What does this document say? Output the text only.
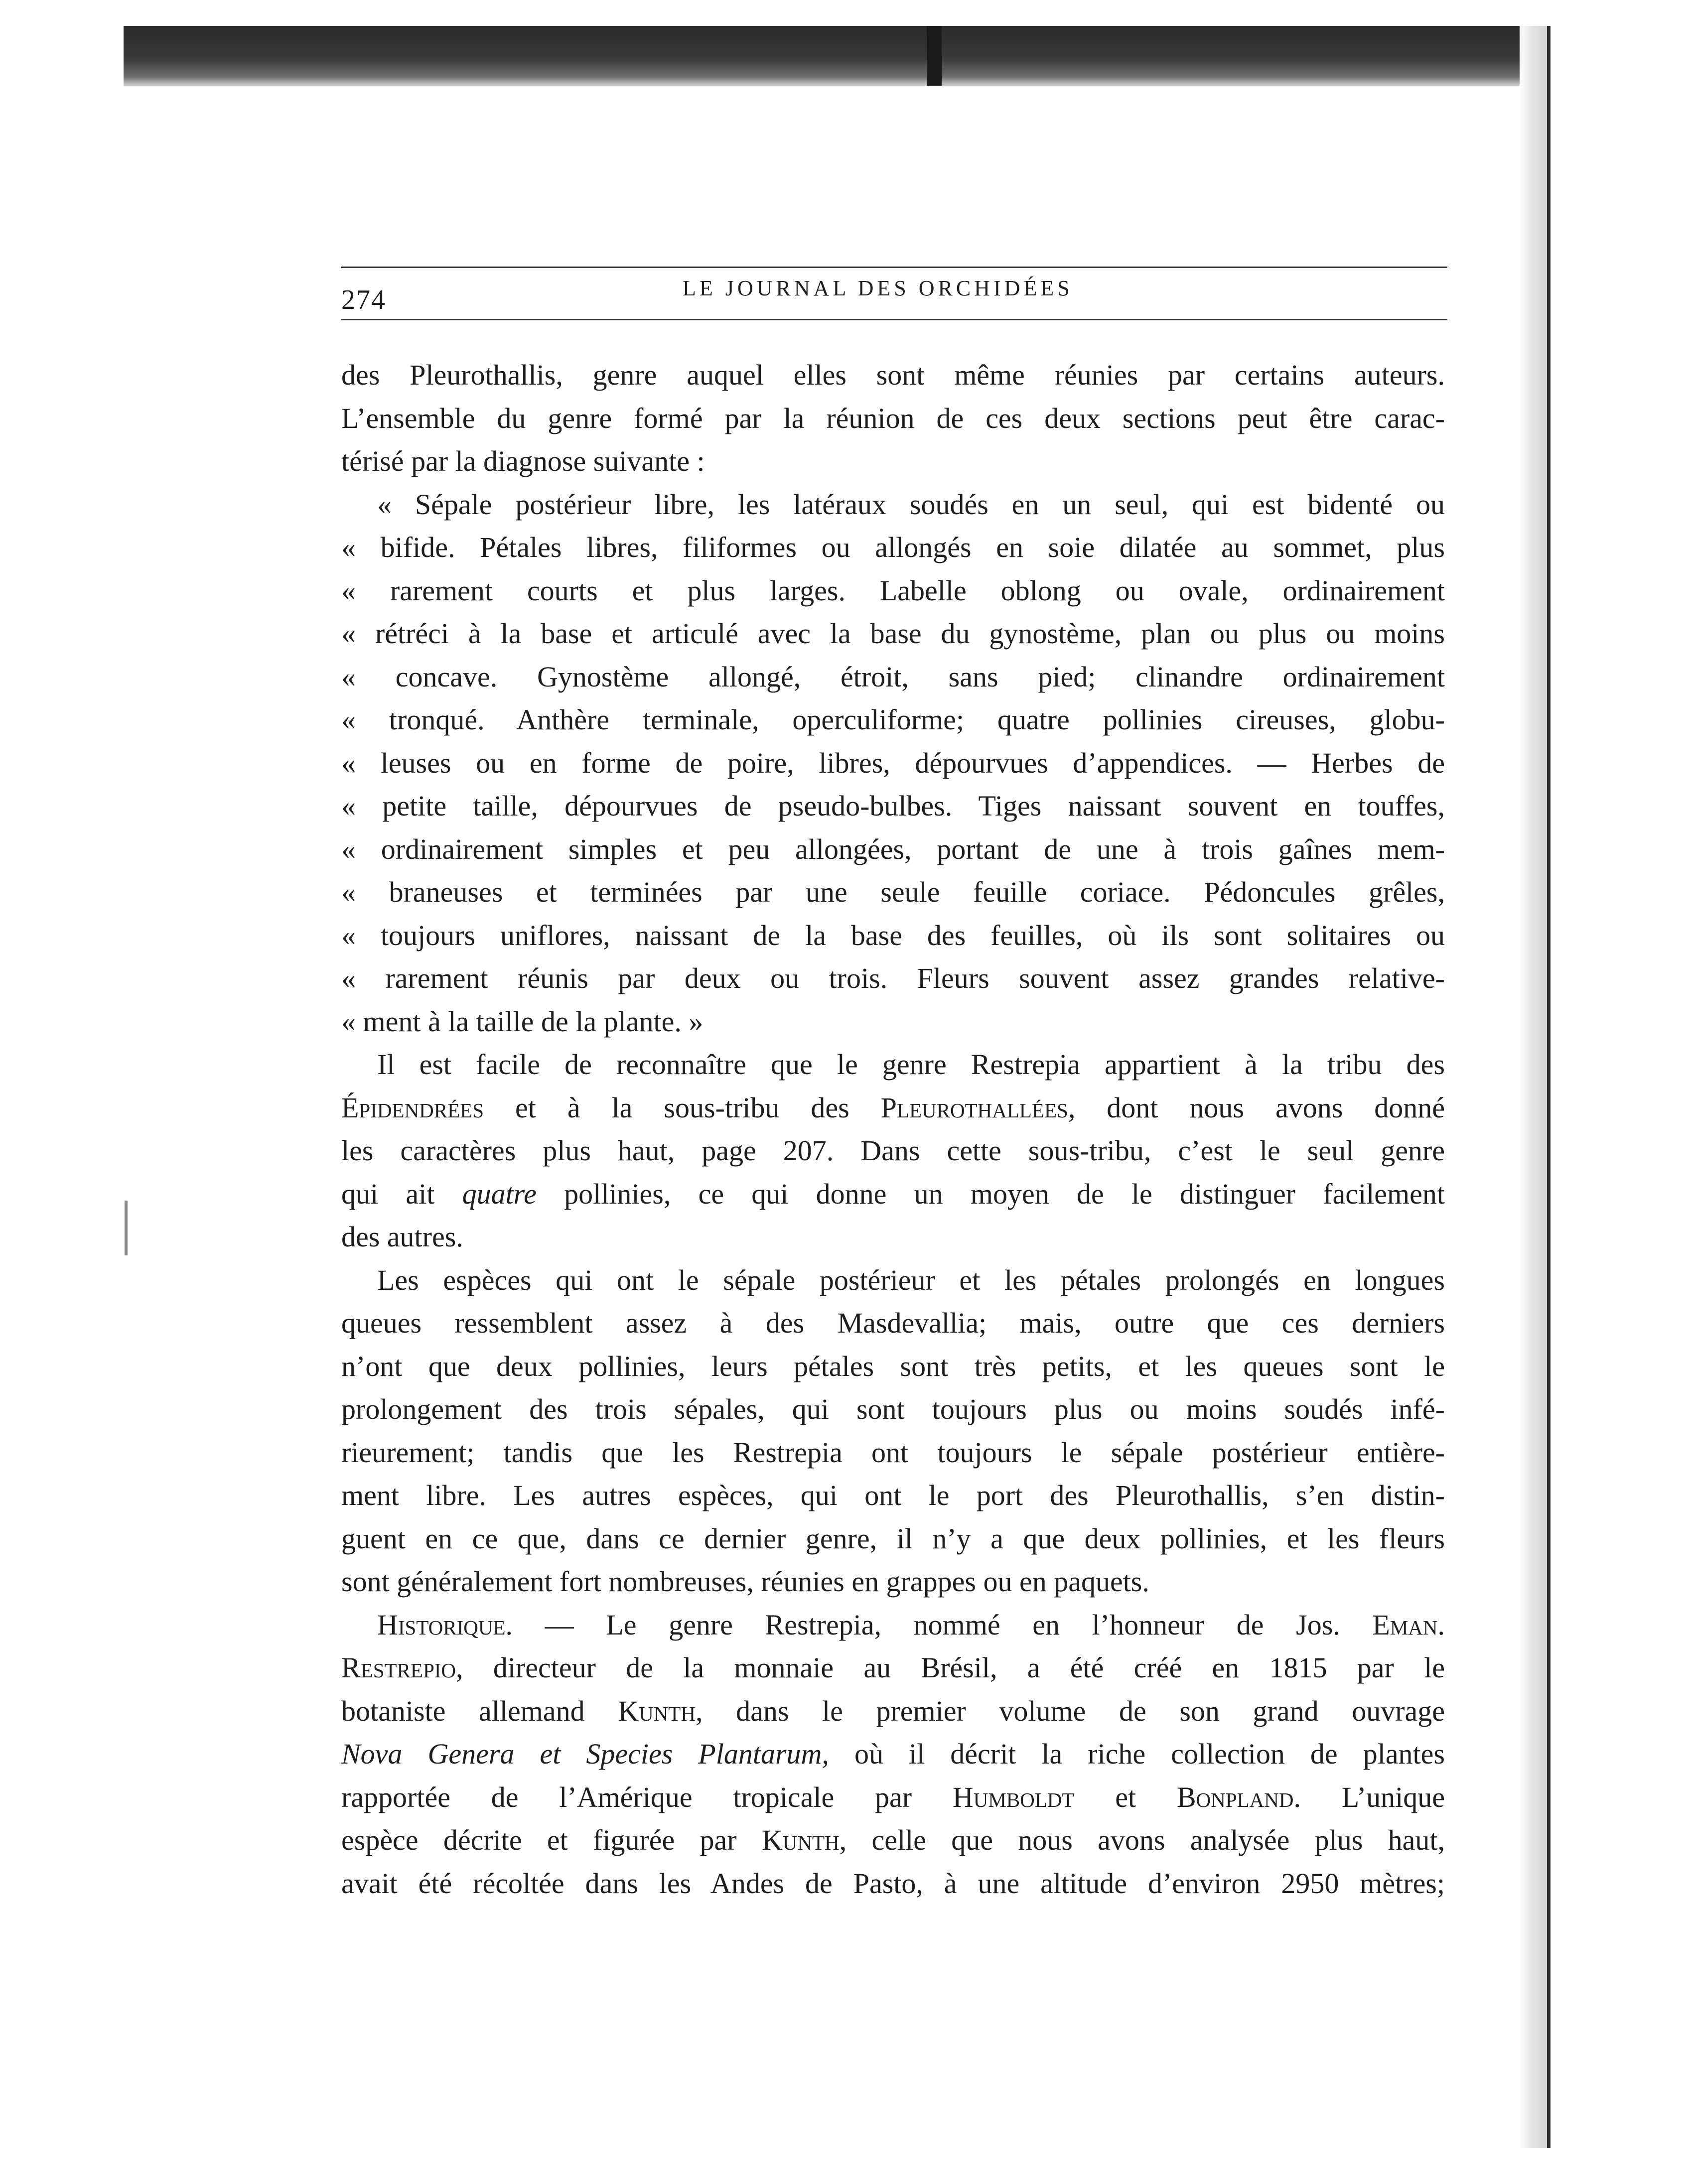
274	LE JOURNAL DES ORCHIDÉES
des Pleurothallis, genre auquel elles sont même réunies par certains auteurs.
L’ensemble du genre formé par la réunion de ces deux sections peut être carac-
térisé par la diagnose suivante :
« Sépale postérieur libre, les latéraux soudés en un seul, qui est bidenté ou
« bifide. Pétales libres, filiformes ou allongés en soie dilatée au sommet, plus
« rarement courts et plus larges. Labelle oblong ou ovale, ordinairement
« rétréci à la base et articulé avec la base du gynostème, plan ou plus ou moins
« concave. Gynostème allongé, étroit, sans pied; clinandre ordinairement
« tronqué. Anthère terminale, operculiforme; quatre pollinies cireuses, globu-
« leuses ou en forme de poire, libres, dépourvues d’appendices. — Herbes de
« petite taille, dépourvues de pseudo-bulbes. Tiges naissant souvent en touffes,
« ordinairement simples et peu allongées, portant de une à trois gaînes mem-
« braneuses et terminées par une seule feuille coriace. Pédoncules grêles,
« toujours uniflores, naissant de la base des feuilles, où ils sont solitaires ou
« rarement réunis par deux ou trois. Fleurs souvent assez grandes relative-
« ment à la taille de la plante. »
Il est facile de reconnaître que le genre Restrepia appartient à la tribu des
Épidendrées et à la sous-tribu des Pleurothallées, dont nous avons donné
les caractères plus haut, page 207. Dans cette sous-tribu, c’est le seul genre
qui ait quatre pollinies, ce qui donne un moyen de le distinguer facilement
des autres.
Les espèces qui ont le sépale postérieur et les pétales prolongés en longues
queues ressemblent assez à des Masdevallia; mais, outre que ces derniers
n’ont que deux pollinies, leurs pétales sont très petits, et les queues sont le
prolongement des trois sépales, qui sont toujours plus ou moins soudés infé-
rieurement; tandis que les Restrepia ont toujours le sépale postérieur entière-
ment libre. Les autres espèces, qui ont le port des Pleurothallis, s’en distin-
guent en ce que, dans ce dernier genre, il n’y a que deux pollinies, et les fleurs
sont généralement fort nombreuses, réunies en grappes ou en paquets.
Historique. — Le genre Restrepia, nommé en l’honneur de Jos. Eman.
Restrepio, directeur de la monnaie au Brésil, a été créé en 1815 par le
botaniste allemand Kunth, dans le premier volume de son grand ouvrage
Nova Genera et Species Plantarum, où il décrit la riche collection de plantes
rapportée de l’Amérique tropicale par Humboldt et Bonpland. L’unique
espèce décrite et figurée par Kunth, celle que nous avons analysée plus haut,
avait été récoltée dans les Andes de Pasto, à une altitude d’environ 2950 mètres;
